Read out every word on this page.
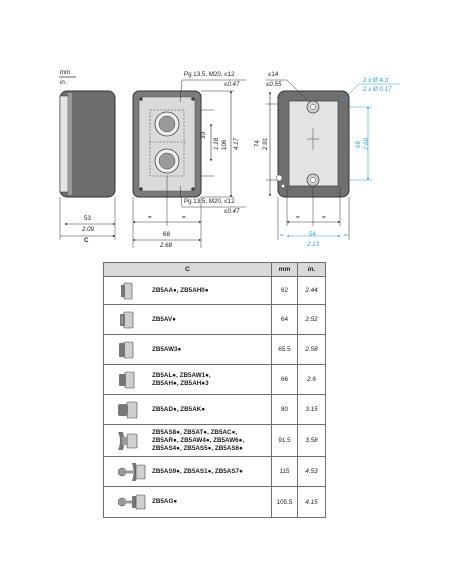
mm
in.
53
2.09
C
Pg 13.5, M20, ≤12
≤0.47
Pg 13.5, M20, ≤12
≤0.47
30
1.18 106 4.17
=	=
68
2.68
≤14
≤0.55
2 x Ø 4.3
2 x Ø 0.17
74 2.91	68 2.68
=	=
=	=
54
2.13
C	mm	in.

ZB5AA●, ZB5AH0●	62	2.44

ZB5AV●	64	2.52

ZB5AW3●	65.5	2.58

ZB5AL●, ZB5AW1●,
ZB5AH●, ZB5AH●3	66	2.6

ZB5AD●, ZB5AK●	80	3.15

ZB5AS8●, ZB5AT●, ZB5AC●,
ZB5AR●, ZB5AW4●, ZB5AW6●,
ZB5AS4●, ZB5AS5●, ZB5AS6●	91.5	3.58

ZB5AS9●, ZB5AS1●, ZB5AS7●	115	4.53

ZB5AG●	105.5	4.15
